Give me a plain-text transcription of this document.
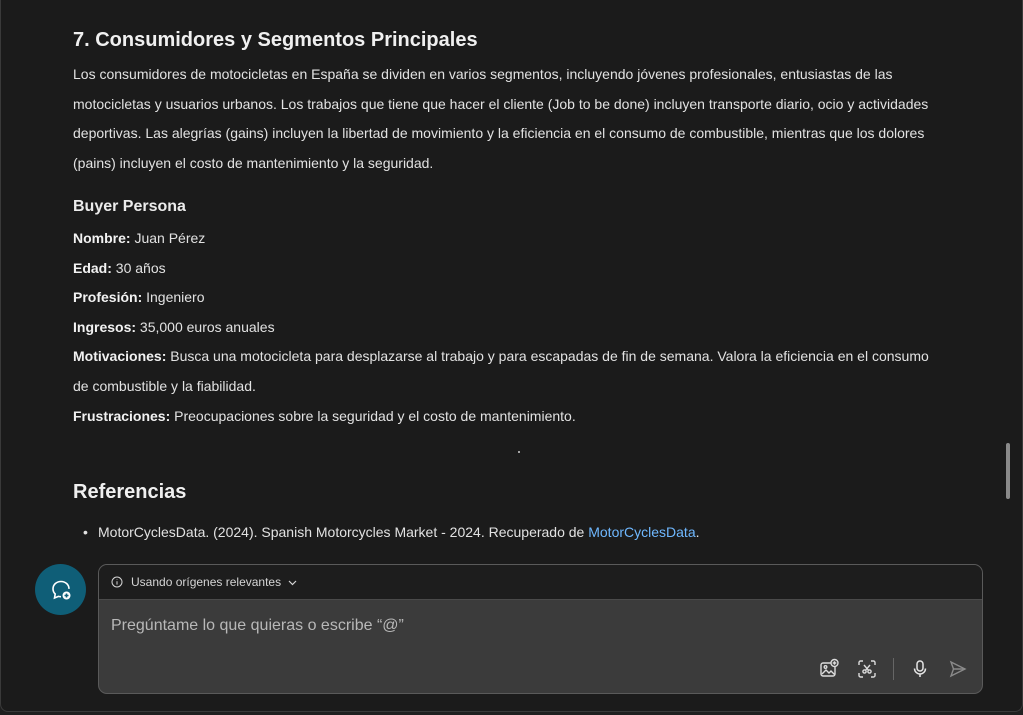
7. Consumidores y Segmentos Principales

Los consumidores de motocicletas en España se dividen en varios segmentos, incluyendo jóvenes profesionales, entusiastas de las motocicletas y usuarios urbanos. Los trabajos que tiene que hacer el cliente (Job to be done) incluyen transporte diario, ocio y actividades deportivas. Las alegrías (gains) incluyen la libertad de movimiento y la eficiencia en el consumo de combustible, mientras que los dolores (pains) incluyen el costo de mantenimiento y la seguridad.

Buyer Persona
Nombre: Juan Pérez
Edad: 30 años
Profesión: Ingeniero
Ingresos: 35,000 euros anuales
Motivaciones: Busca una motocicleta para desplazarse al trabajo y para escapadas de fin de semana. Valora la eficiencia en el consumo de combustible y la fiabilidad.
Frustraciones: Preocupaciones sobre la seguridad y el costo de mantenimiento.
Referencias
• MotorCyclesData. (2024). Spanish Motorcycles Market - 2024. Recuperado de MotorCyclesData.
Usando orígenes relevantes
Pregúntame lo que quieras o escribe “@”
